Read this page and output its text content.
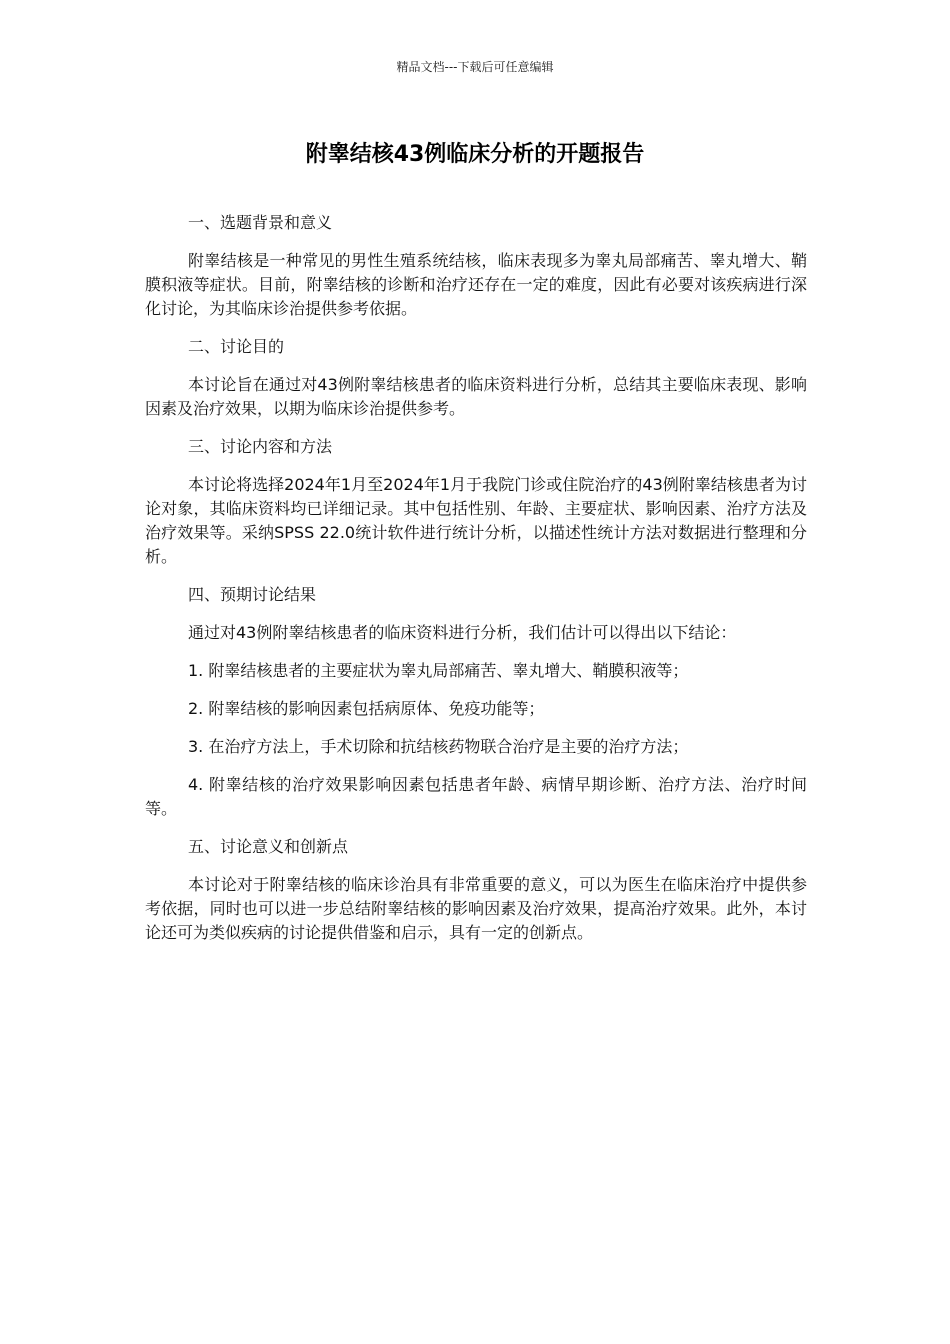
精品文档---下载后可任意编辑
附睾结核43例临床分析的开题报告

一、选题背景和意义

附睾结核是一种常见的男性生殖系统结核，临床表现多为睾丸局部痛苦、睾丸增大、鞘膜积液等症状。目前，附睾结核的诊断和治疗还存在一定的难度，因此有必要对该疾病进行深化讨论，为其临床诊治提供参考依据。

二、讨论目的

本讨论旨在通过对43例附睾结核患者的临床资料进行分析，总结其主要临床表现、影响因素及治疗效果，以期为临床诊治提供参考。

三、讨论内容和方法

本讨论将选择2024年1月至2024年1月于我院门诊或住院治疗的43例附睾结核患者为讨论对象，其临床资料均已详细记录。其中包括性别、年龄、主要症状、影响因素、治疗方法及治疗效果等。采纳SPSS 22.0统计软件进行统计分析，以描述性统计方法对数据进行整理和分析。

四、预期讨论结果

通过对43例附睾结核患者的临床资料进行分析，我们估计可以得出以下结论：

1. 附睾结核患者的主要症状为睾丸局部痛苦、睾丸增大、鞘膜积液等；

2. 附睾结核的影响因素包括病原体、免疫功能等；

3. 在治疗方法上，手术切除和抗结核药物联合治疗是主要的治疗方法；

4. 附睾结核的治疗效果影响因素包括患者年龄、病情早期诊断、治疗方法、治疗时间等。

五、讨论意义和创新点

本讨论对于附睾结核的临床诊治具有非常重要的意义，可以为医生在临床治疗中提供参考依据，同时也可以进一步总结附睾结核的影响因素及治疗效果，提高治疗效果。此外，本讨论还可为类似疾病的讨论提供借鉴和启示，具有一定的创新点。
